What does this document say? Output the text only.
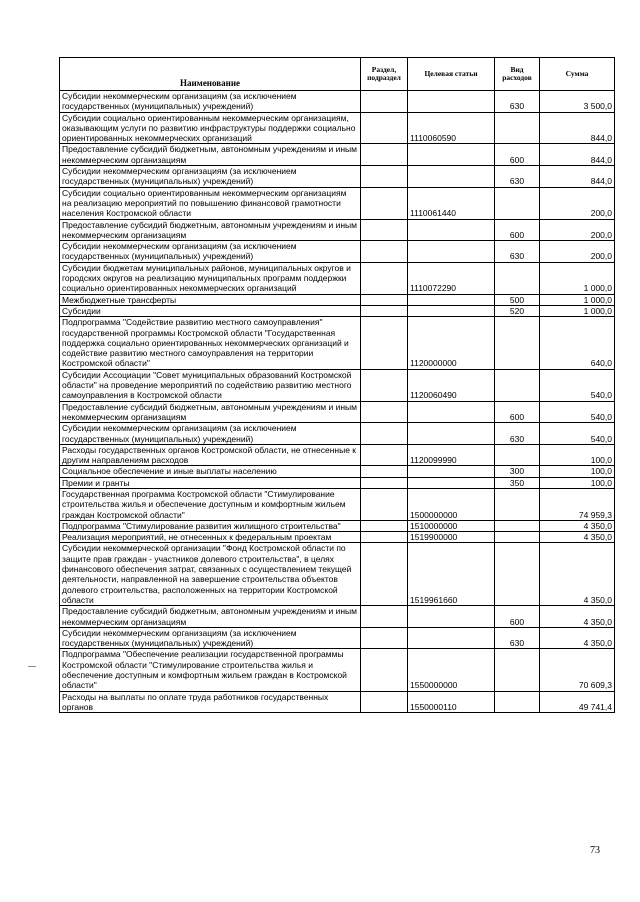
Наименование	Раздел, подраздел	Целевая статьи	Вид расходов	Сумма
Субсидии некоммерческим организациям (за исключением государственных (муниципальных) учреждений)			630	3 500,0
Субсидии социально ориентированным некоммерческим организациям, оказывающим услуги по развитию инфраструктуры поддержки социально ориентированных некоммерческих организаций		1110060590		844,0
Предоставление субсидий бюджетным, автономным учреждениям и иным некоммерческим организациям			600	844,0
Субсидии некоммерческим организациям (за исключением государственных (муниципальных) учреждений)			630	844,0
Субсидии социально ориентированным некоммерческим организациям на реализацию мероприятий по повышению финансовой грамотности населения Костромской области		1110061440		200,0
Предоставление субсидий бюджетным, автономным учреждениям и иным некоммерческим организациям			600	200,0
Субсидии некоммерческим организациям (за исключением государственных (муниципальных) учреждений)			630	200,0
Субсидии бюджетам муниципальных районов, муниципальных округов и городских округов на реализацию муниципальных программ поддержки социально ориентированных некоммерческих организаций		1110072290		1 000,0
Межбюджетные трансферты			500	1 000,0
Субсидии			520	1 000,0
Подпрограмма "Содействие развитию местного самоуправления" государственной программы Костромской области "Государственная поддержка социально ориентированных некоммерческих организаций и содействие развитию местного самоуправления на территории Костромской области"		1120000000		640,0
Субсидии Ассоциации "Совет муниципальных образований Костромской области" на проведение мероприятий по содействию развитию местного самоуправления в Костромской области		1120060490		540,0
Предоставление субсидий бюджетным, автономным учреждениям и иным некоммерческим организациям			600	540,0
Субсидии некоммерческим организациям (за исключением государственных (муниципальных) учреждений)			630	540,0
Расходы государственных органов Костромской области, не отнесенные к другим направлениям расходов		1120099990		100,0
Социальное обеспечение и иные выплаты населению			300	100,0
Премии и гранты			350	100,0
Государственная программа Костромской области "Стимулирование строительства жилья и обеспечение доступным и комфортным жильем граждан Костромской области"		1500000000		74 959,3
Подпрограмма "Стимулирование развития жилищного строительства"		1510000000		4 350,0
Реализация мероприятий, не отнесенных к федеральным проектам		1519900000		4 350,0
Субсидии некоммерческой организации "Фонд Костромской области по защите прав граждан - участников долевого строительства", в целях финансового обеспечения затрат, связанных с осуществлением текущей деятельности, направленной на завершение строительства объектов долевого строительства, расположенных на территории Костромской области		1519961660		4 350,0
Предоставление субсидий бюджетным, автономным учреждениям и иным некоммерческим организациям			600	4 350,0
Субсидии некоммерческим организациям (за исключением государственных (муниципальных) учреждений)			630	4 350,0
Подпрограмма "Обеспечение реализации государственной программы Костромской области "Стимулирование строительства жилья и обеспечение доступным и комфортным жильем граждан в Костромской области"		1550000000		70 609,3
Расходы на выплаты по оплате труда работников государственных органов		1550000110		49 741,4
73
